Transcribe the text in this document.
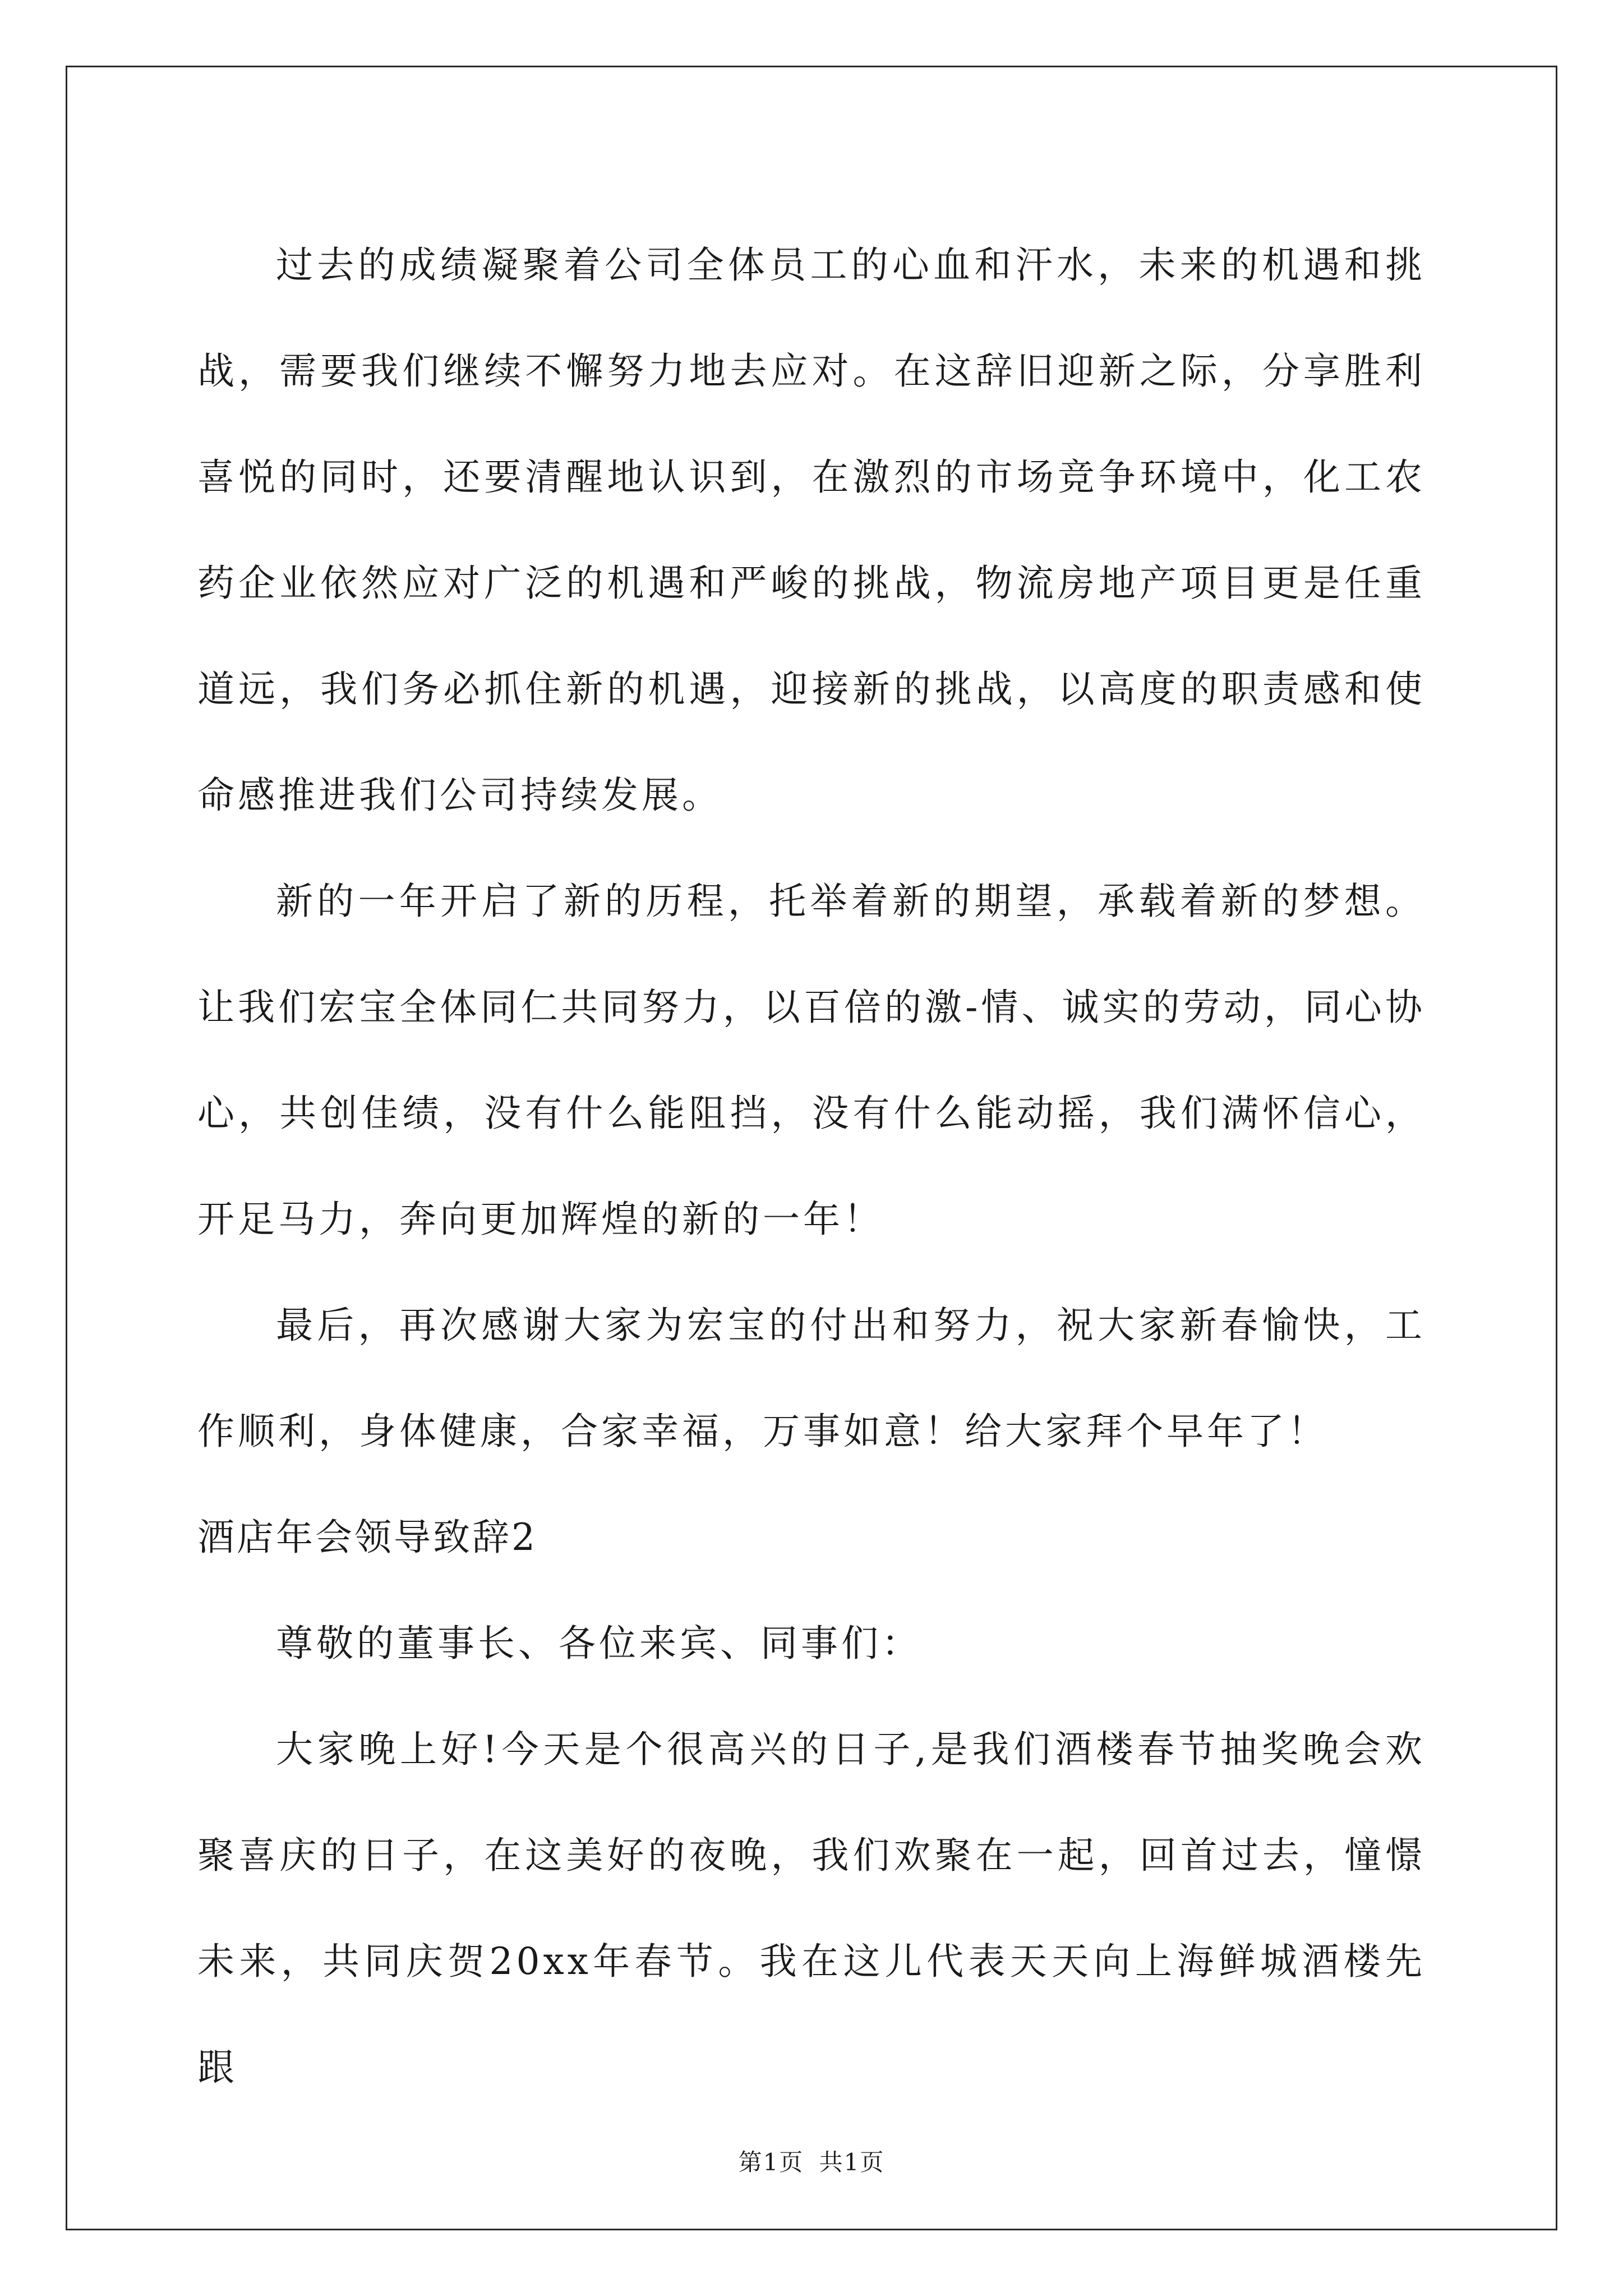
过去的成绩凝聚着公司全体员工的心血和汗水，未来的机遇和挑战，需要我们继续不懈努力地去应对。在这辞旧迎新之际，分享胜利喜悦的同时，还要清醒地认识到，在激烈的市场竞争环境中，化工农药企业依然应对广泛的机遇和严峻的挑战，物流房地产项目更是任重道远，我们务必抓住新的机遇，迎接新的挑战，以高度的职责感和使命感推进我们公司持续发展。

新的一年开启了新的历程，托举着新的期望，承载着新的梦想。让我们宏宝全体同仁共同努力，以百倍的激-情、诚实的劳动，同心协心，共创佳绩，没有什么能阻挡，没有什么能动摇，我们满怀信心，开足马力，奔向更加辉煌的新的一年！

最后，再次感谢大家为宏宝的付出和努力，祝大家新春愉快，工作顺利，身体健康，合家幸福，万事如意！给大家拜个早年了！

酒店年会领导致辞2

尊敬的董事长、各位来宾、同事们：

大家晚上好!今天是个很高兴的日子,是我们酒楼春节抽奖晚会欢聚喜庆的日子，在这美好的夜晚，我们欢聚在一起，回首过去，憧憬未来，共同庆贺20xx年春节。我在这儿代表天天向上海鲜城酒楼先跟

第1页 共1页
